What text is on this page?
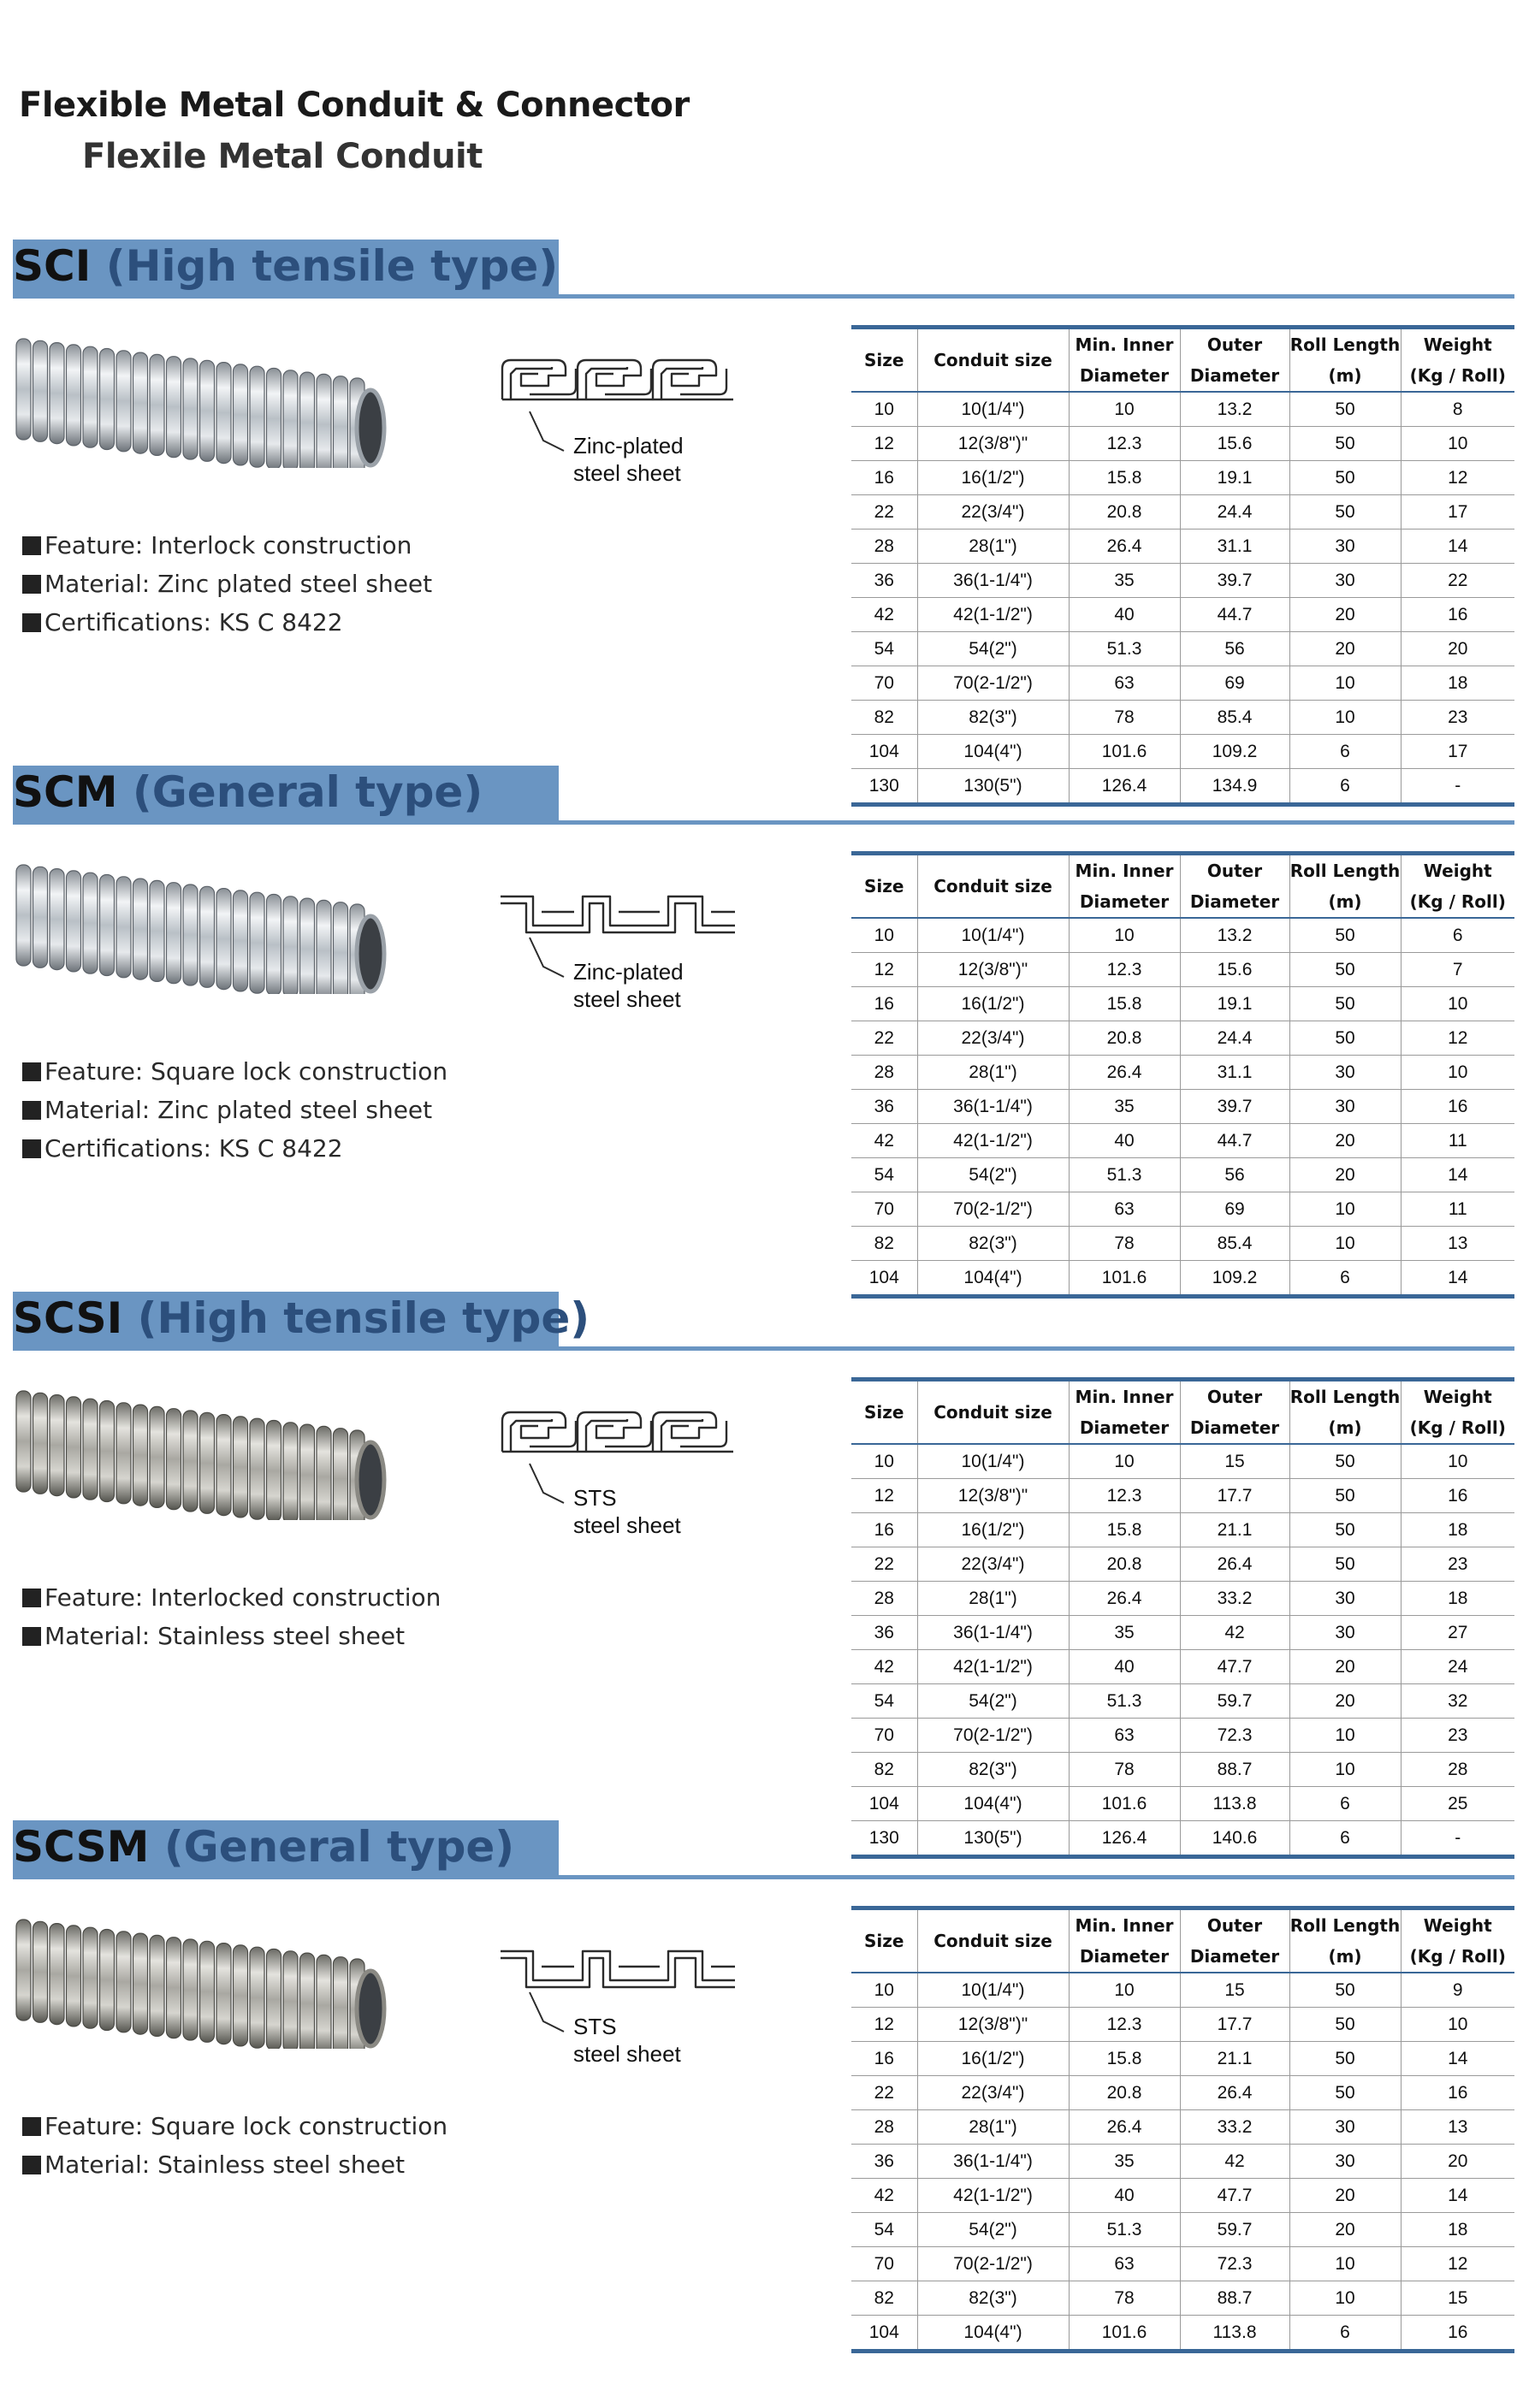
Flexible Metal Conduit & Connector
Flexile Metal Conduit
SCI (High tensile type)
Zinc-plated
steel sheet
Feature: Interlock construction
Material: Zinc plated steel sheet
Certifications: KS C 8422
Size	Conduit size	Min. Inner	Outer	Roll Length	Weight
		Diameter	Diameter	(m)	(Kg / Roll)
10	10(1/4")	10	13.2	50	8
12	12(3/8")"	12.3	15.6	50	10
16	16(1/2")	15.8	19.1	50	12
22	22(3/4")	20.8	24.4	50	17
28	28(1")	26.4	31.1	30	14
36	36(1-1/4")	35	39.7	30	22
42	42(1-1/2")	40	44.7	20	16
54	54(2")	51.3	56	20	20
70	70(2-1/2")	63	69	10	18
82	82(3")	78	85.4	10	23
104	104(4")	101.6	109.2	6	17
130	130(5")	126.4	134.9	6	-
SCM (General type)
Zinc-plated
steel sheet
Feature: Square lock construction
Material: Zinc plated steel sheet
Certifications: KS C 8422
Size	Conduit size	Min. Inner	Outer	Roll Length	Weight
		Diameter	Diameter	(m)	(Kg / Roll)
10	10(1/4")	10	13.2	50	6
12	12(3/8")"	12.3	15.6	50	7
16	16(1/2")	15.8	19.1	50	10
22	22(3/4")	20.8	24.4	50	12
28	28(1")	26.4	31.1	30	10
36	36(1-1/4")	35	39.7	30	16
42	42(1-1/2")	40	44.7	20	11
54	54(2")	51.3	56	20	14
70	70(2-1/2")	63	69	10	11
82	82(3")	78	85.4	10	13
104	104(4")	101.6	109.2	6	14
SCSI (High tensile type)
STS
steel sheet
Feature: Interlocked construction
Material: Stainless steel sheet
Size	Conduit size	Min. Inner	Outer	Roll Length	Weight
		Diameter	Diameter	(m)	(Kg / Roll)
10	10(1/4")	10	15	50	10
12	12(3/8")"	12.3	17.7	50	16
16	16(1/2")	15.8	21.1	50	18
22	22(3/4")	20.8	26.4	50	23
28	28(1")	26.4	33.2	30	18
36	36(1-1/4")	35	42	30	27
42	42(1-1/2")	40	47.7	20	24
54	54(2")	51.3	59.7	20	32
70	70(2-1/2")	63	72.3	10	23
82	82(3")	78	88.7	10	28
104	104(4")	101.6	113.8	6	25
130	130(5")	126.4	140.6	6	-
SCSM (General type)
STS
steel sheet
Feature: Square lock construction
Material: Stainless steel sheet
Size	Conduit size	Min. Inner	Outer	Roll Length	Weight
		Diameter	Diameter	(m)	(Kg / Roll)
10	10(1/4")	10	15	50	9
12	12(3/8")"	12.3	17.7	50	10
16	16(1/2")	15.8	21.1	50	14
22	22(3/4")	20.8	26.4	50	16
28	28(1")	26.4	33.2	30	13
36	36(1-1/4")	35	42	30	20
42	42(1-1/2")	40	47.7	20	14
54	54(2")	51.3	59.7	20	18
70	70(2-1/2")	63	72.3	10	12
82	82(3")	78	88.7	10	15
104	104(4")	101.6	113.8	6	16
